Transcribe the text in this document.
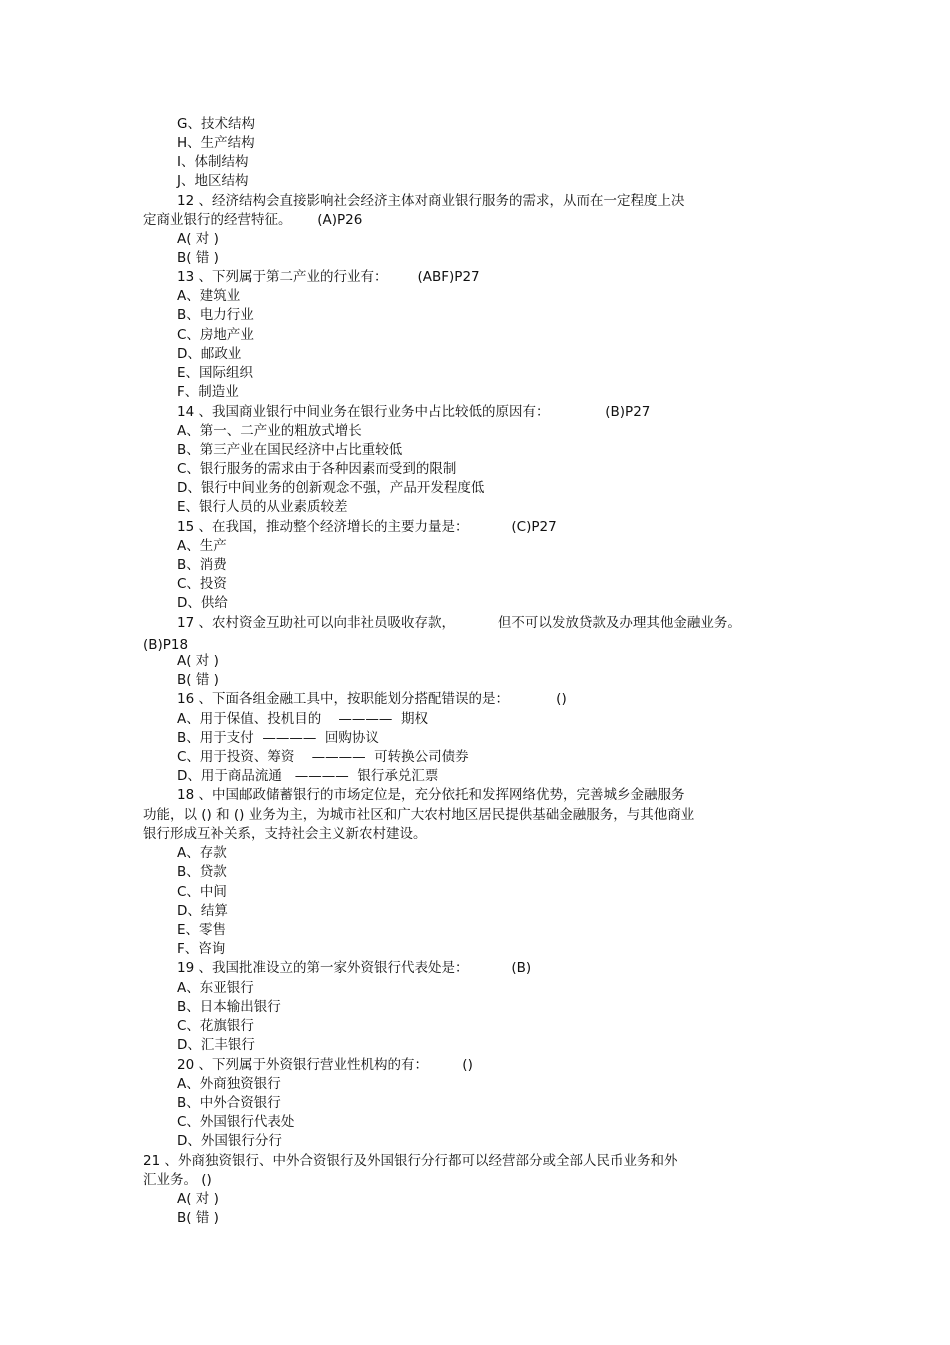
G、技术结构
H、生产结构
I、体制结构
J、地区结构
12 、经济结构会直接影响社会经济主体对商业银行服务的需求，从而在一定程度上决
定商业银行的经营特征。      (A)P26
A( 对 )
B( 错 )
13 、下列属于第二产业的行业有：       (ABF)P27
A、建筑业
B、电力行业
C、房地产业
D、邮政业
E、国际组织
F、制造业
14 、我国商业银行中间业务在银行业务中占比较低的原因有：             (B)P27
A、第一、二产业的粗放式增长
B、第三产业在国民经济中占比重较低
C、银行服务的需求由于各种因素而受到的限制
D、银行中间业务的创新观念不强，产品开发程度低
E、银行人员的从业素质较差
15 、在我国，推动整个经济增长的主要力量是：          (C)P27
A、生产
B、消费
C、投资
D、供给
17 、农村资金互助社可以向非社员吸收存款，          但不可以发放贷款及办理其他金融业务。
(B)P18
A( 对 )
B( 错 )
16 、下面各组金融工具中，按职能划分搭配错误的是：           ()
A、用于保值、投机目的    ————  期权
B、用于支付  ————  回购协议
C、用于投资、筹资    ————  可转换公司债券
D、用于商品流通   ————  银行承兑汇票
18 、中国邮政储蓄银行的市场定位是，充分依托和发挥网络优势，完善城乡金融服务
功能，以 () 和 () 业务为主，为城市社区和广大农村地区居民提供基础金融服务，与其他商业
银行形成互补关系，支持社会主义新农村建设。
A、存款
B、贷款
C、中间
D、结算
E、零售
F、咨询
19 、我国批准设立的第一家外资银行代表处是：          (B)
A、东亚银行
B、日本输出银行
C、花旗银行
D、汇丰银行
20 、下列属于外资银行营业性机构的有：        ()
A、外商独资银行
B、中外合资银行
C、外国银行代表处
D、外国银行分行
21 、外商独资银行、中外合资银行及外国银行分行都可以经营部分或全部人民币业务和外
汇业务。 ()
A( 对 )
B( 错 )
